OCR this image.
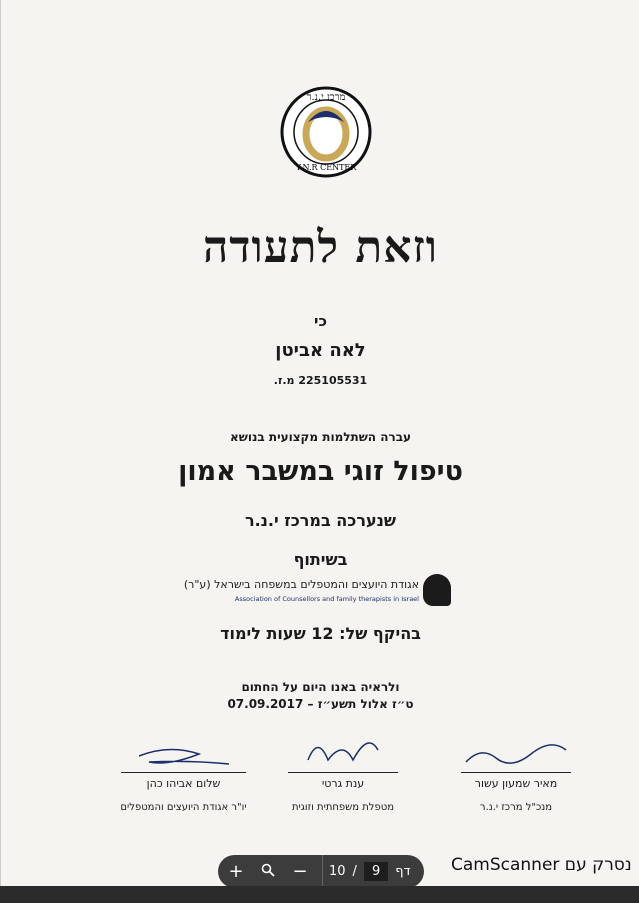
מרכז י.נ.ר
Y.N.R CENTER
וזאת לתעודה
כי
לאה אביטן
225105531 מ.ז.
עברה השתלמות מקצועית בנושא
טיפול זוגי במשבר אמון
שנערכה במרכז י.נ.ר
בשיתוף
אגודת היועצים והמטפלים במשפחה בישראל (ע"ר)
Association of Counsellors and family therapists in Israel
בהיקף של: 12 שעות לימוד
ולראיה באנו היום על החתום
ט״ז אלול תשע״ז – 07.09.2017
מאיר שמעון עשור
מנכ"ל מרכז י.נ.ר
ענת גרטי
מטפלת משפחתית וזוגית
שלום אביהו כהן
יו"ר אגודת היועצים והמטפלים
נסרק עם CamScanner
+	−	דף
9
/
10
